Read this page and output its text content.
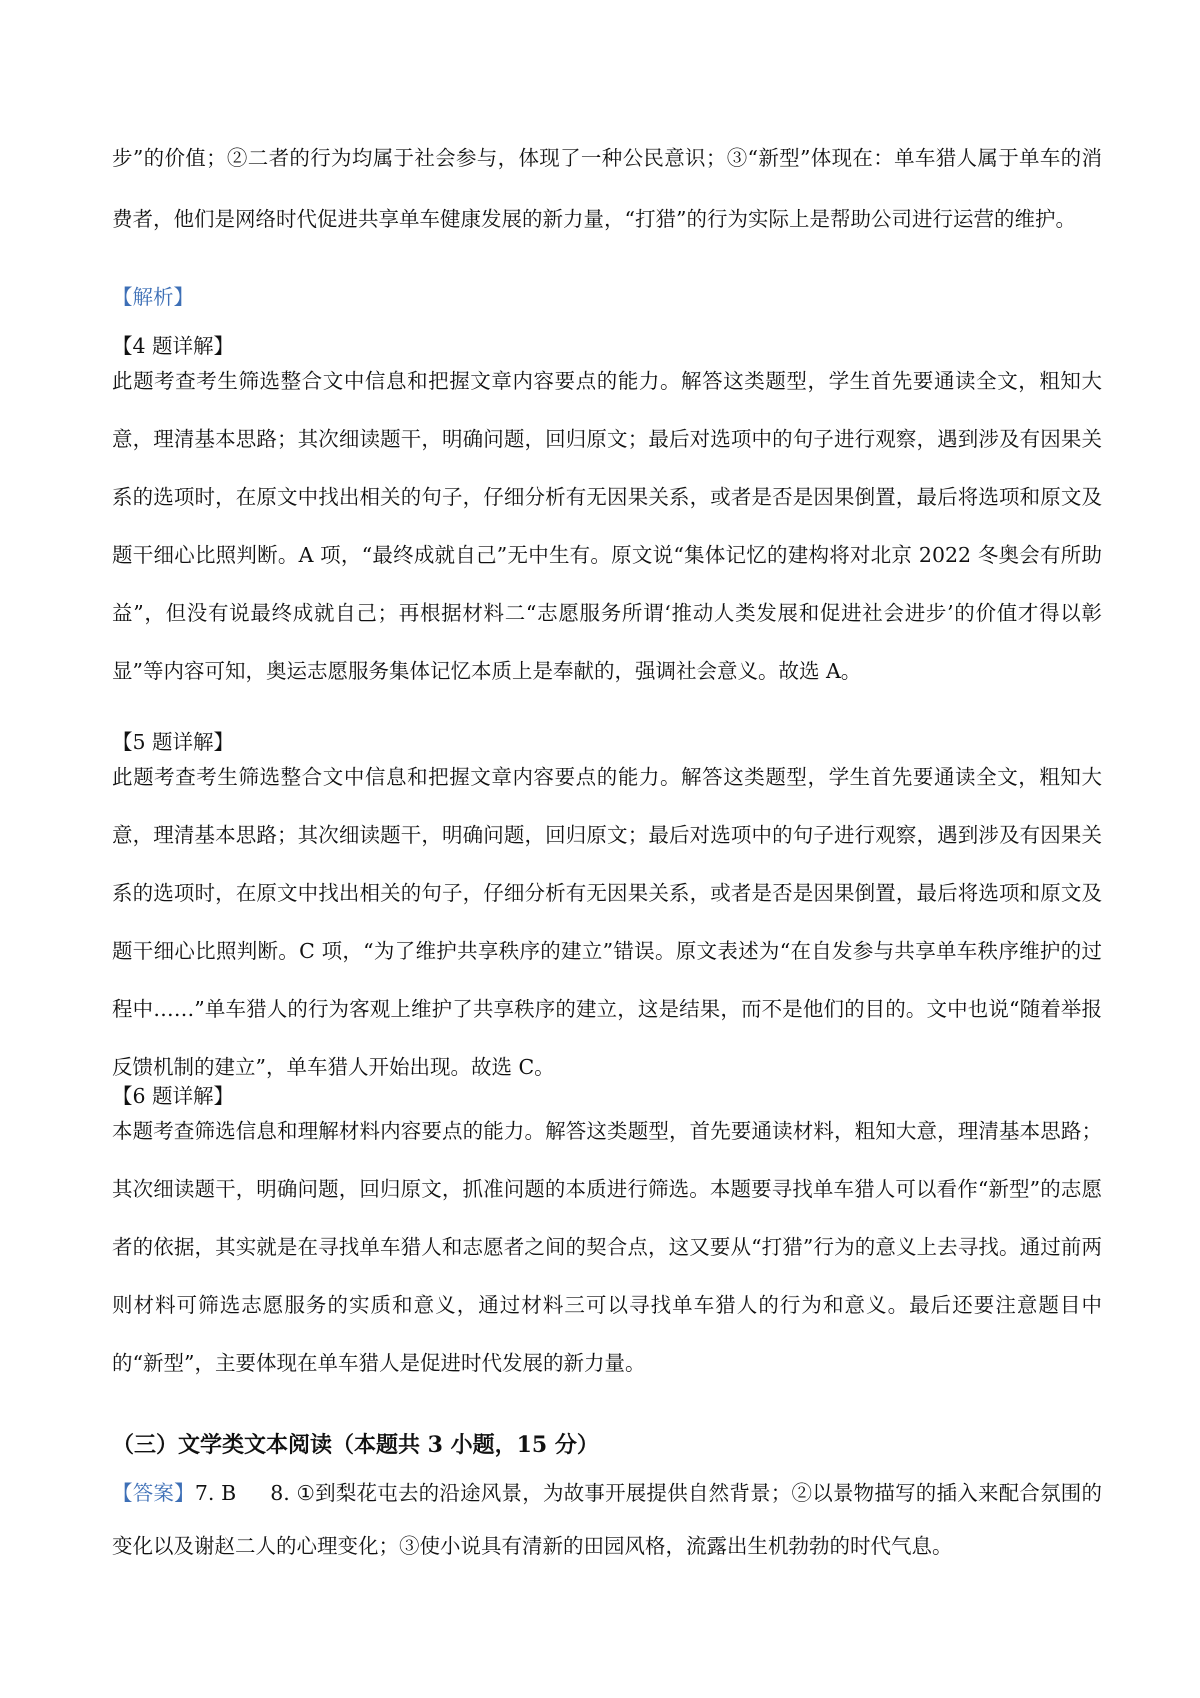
步”的价值；②二者的行为均属于社会参与，体现了一种公民意识；③“新型”体现在：单车猎人属于单车的消费者，他们是网络时代促进共享单车健康发展的新力量，“打猎”的行为实际上是帮助公司进行运营的维护。

【解析】

【4 题详解】

此题考查考生筛选整合文中信息和把握文章内容要点的能力。解答这类题型，学生首先要通读全文，粗知大意，理清基本思路；其次细读题干，明确问题，回归原文；最后对选项中的句子进行观察，遇到涉及有因果关系的选项时，在原文中找出相关的句子，仔细分析有无因果关系，或者是否是因果倒置，最后将选项和原文及题干细心比照判断。A 项，“最终成就自己”无中生有。原文说“集体记忆的建构将对北京 2022 冬奥会有所助益”，但没有说最终成就自己；再根据材料二“志愿服务所谓‘推动人类发展和促进社会进步’的价值才得以彰显”等内容可知，奥运志愿服务集体记忆本质上是奉献的，强调社会意义。故选 A。

【5 题详解】

此题考查考生筛选整合文中信息和把握文章内容要点的能力。解答这类题型，学生首先要通读全文，粗知大意，理清基本思路；其次细读题干，明确问题，回归原文；最后对选项中的句子进行观察，遇到涉及有因果关系的选项时，在原文中找出相关的句子，仔细分析有无因果关系，或者是否是因果倒置，最后将选项和原文及题干细心比照判断。C 项，“为了维护共享秩序的建立”错误。原文表述为“在自发参与共享单车秩序维护的过程中……”单车猎人的行为客观上维护了共享秩序的建立，这是结果，而不是他们的目的。文中也说“随着举报反馈机制的建立”，单车猎人开始出现。故选 C。

【6 题详解】

本题考查筛选信息和理解材料内容要点的能力。解答这类题型，首先要通读材料，粗知大意，理清基本思路；其次细读题干，明确问题，回归原文，抓准问题的本质进行筛选。本题要寻找单车猎人可以看作“新型”的志愿者的依据，其实就是在寻找单车猎人和志愿者之间的契合点，这又要从“打猎”行为的意义上去寻找。通过前两则材料可筛选志愿服务的实质和意义，通过材料三可以寻找单车猎人的行为和意义。最后还要注意题目中的“新型”，主要体现在单车猎人是促进时代发展的新力量。

（三）文学类文本阅读（本题共 3 小题，15 分）

【答案】7. B 8. ①到梨花屯去的沿途风景，为故事开展提供自然背景；②以景物描写的插入来配合氛围的变化以及谢赵二人的心理变化；③使小说具有清新的田园风格，流露出生机勃勃的时代气息。
